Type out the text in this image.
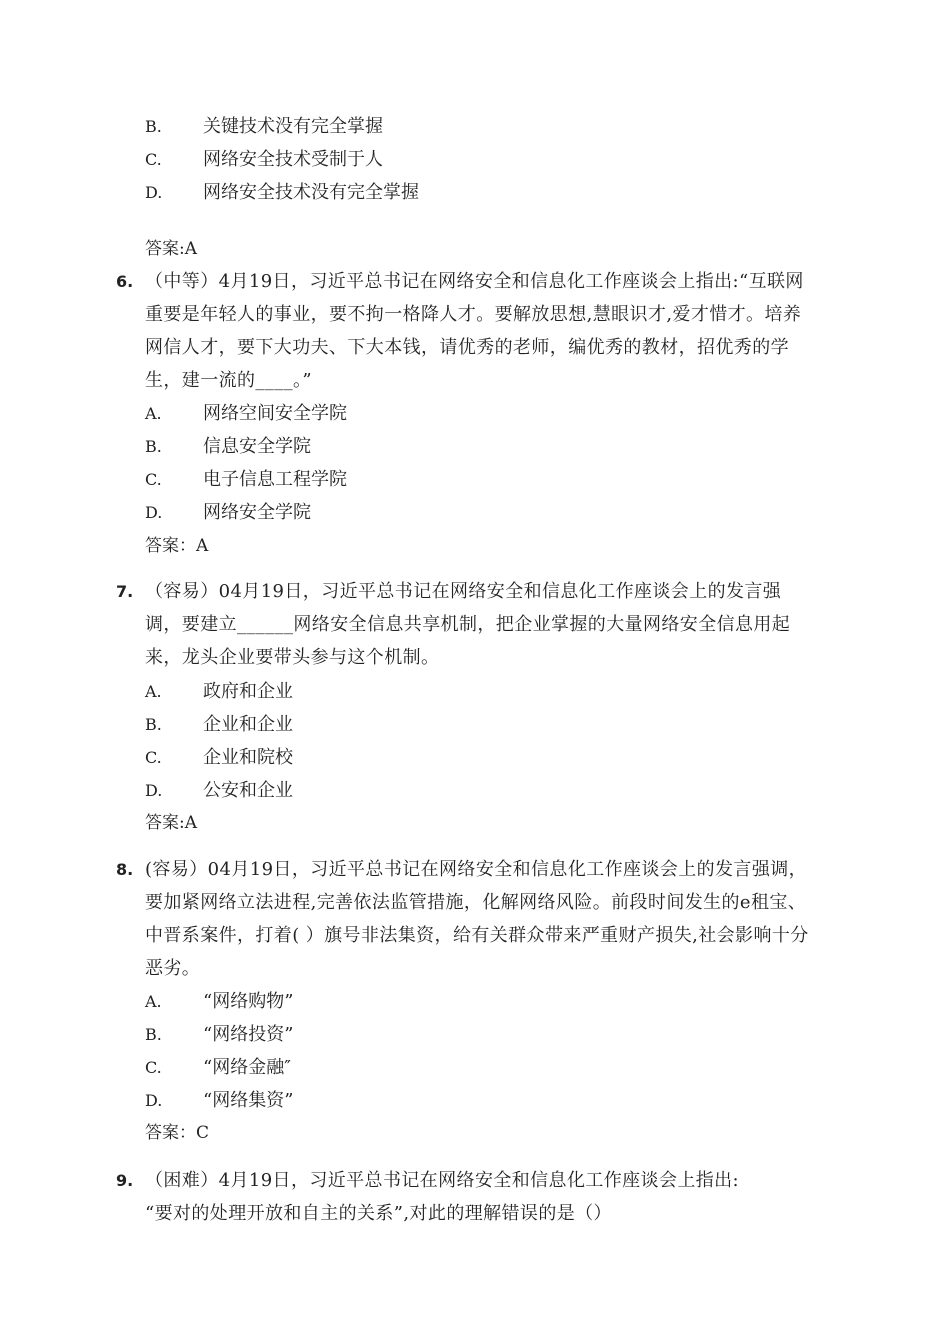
B. 关键技术没有完全掌握
C. 网络安全技术受制于人
D. 网络安全技术没有完全掌握
答案:A
6. （中等）4月19日，习近平总书记在网络安全和信息化工作座谈会上指出:“互联网重要是年轻人的事业，要不拘一格降人才。要解放思想,慧眼识才,爱才惜才。培养网信人才，要下大功夫、下大本钱，请优秀的老师，编优秀的教材，招优秀的学生，建一流的____。”
A. 网络空间安全学院
B. 信息安全学院
C. 电子信息工程学院
D. 网络安全学院
答案：A
7. （容易）04月19日，习近平总书记在网络安全和信息化工作座谈会上的发言强调，要建立______网络安全信息共享机制，把企业掌握的大量网络安全信息用起来，龙头企业要带头参与这个机制。
A. 政府和企业
B. 企业和企业
C. 企业和院校
D. 公安和企业
答案:A
8. (容易）04月19日，习近平总书记在网络安全和信息化工作座谈会上的发言强调，要加紧网络立法进程,完善依法监管措施，化解网络风险。前段时间发生的e租宝、中晋系案件，打着( ）旗号非法集资，给有关群众带来严重财产损失,社会影响十分恶劣。
A. “网络购物”
B. “网络投资”
C. “网络金融″
D. “网络集资”
答案：C
9. （困难）4月19日，习近平总书记在网络安全和信息化工作座谈会上指出:
“要对的处理开放和自主的关系”,对此的理解错误的是（）
